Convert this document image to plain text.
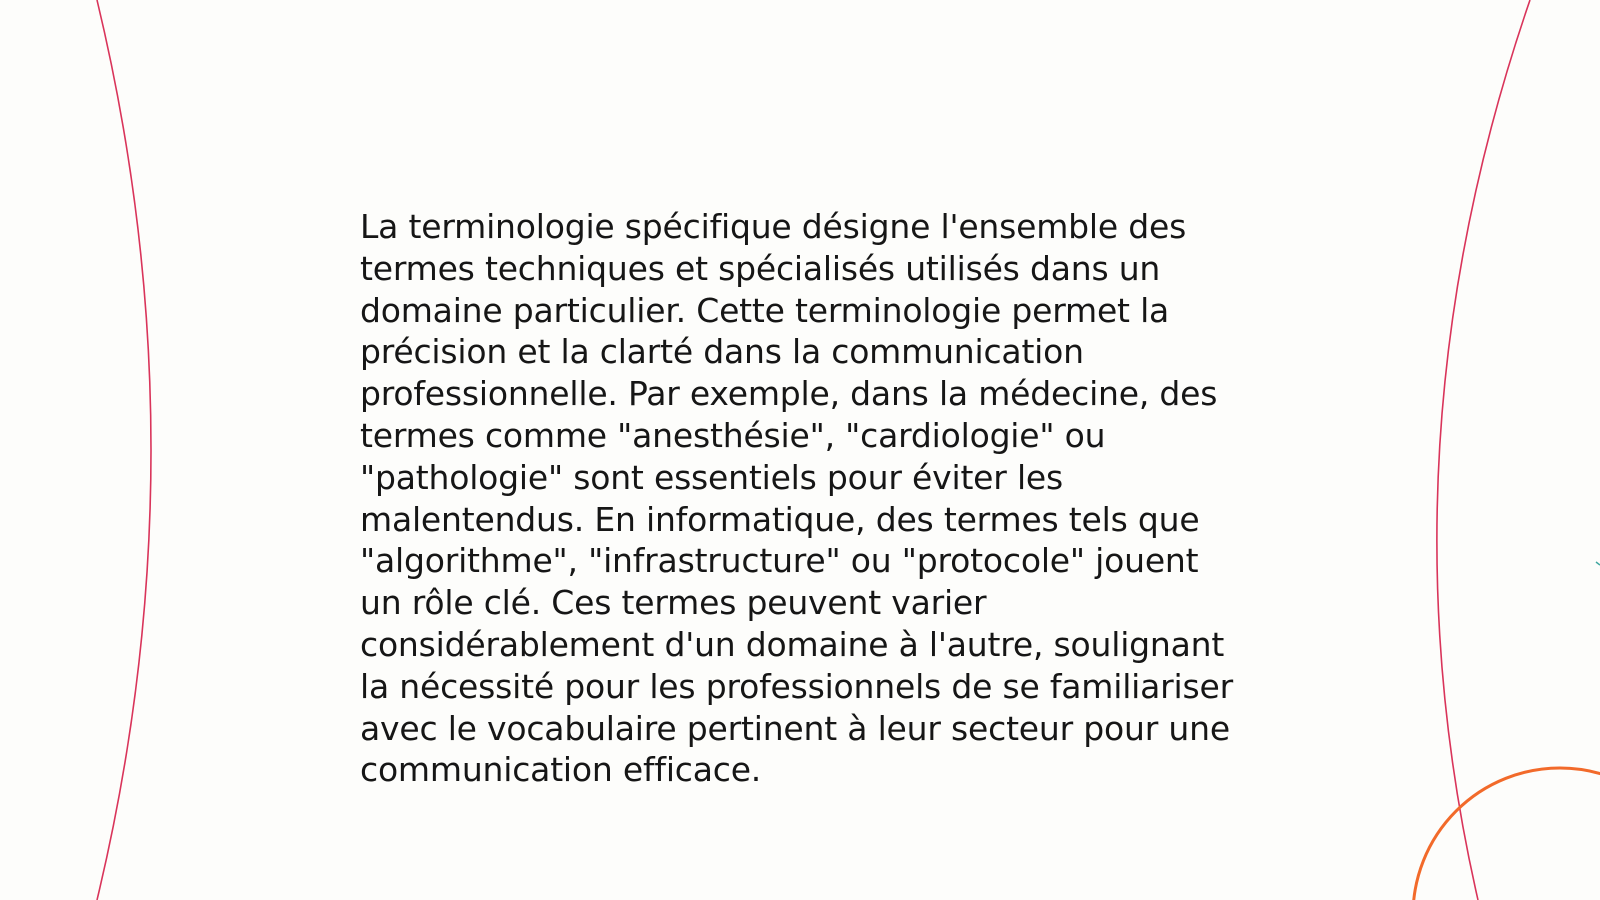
La terminologie spécifique désigne l'ensemble des
termes techniques et spécialisés utilisés dans un
domaine particulier. Cette terminologie permet la
précision et la clarté dans la communication
professionnelle. Par exemple, dans la médecine, des
termes comme "anesthésie", "cardiologie" ou
"pathologie" sont essentiels pour éviter les
malentendus. En informatique, des termes tels que
"algorithme", "infrastructure" ou "protocole" jouent
un rôle clé. Ces termes peuvent varier
considérablement d'un domaine à l'autre, soulignant
la nécessité pour les professionnels de se familiariser
avec le vocabulaire pertinent à leur secteur pour une
communication efficace.
